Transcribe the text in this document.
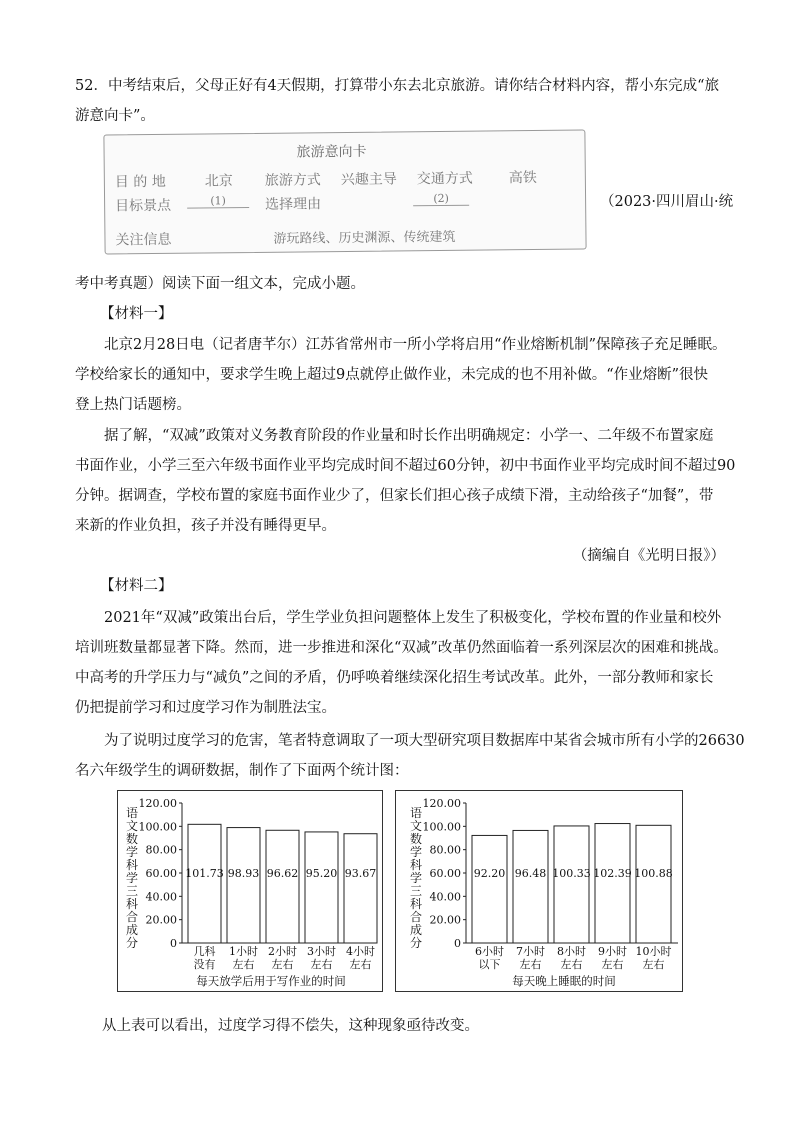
52．中考结束后，父母正好有4天假期，打算带小东去北京旅游。请你结合材料内容，帮小东完成“旅
游意向卡”。
旅游意向卡
目 的 地	北京 旅游方式 兴趣主导 交通方式	高铁
目标景点	(1)	选择理由	(2)
关注信息	游玩路线、历史渊源、传统建筑
（2023·四川眉山·统
考中考真题）阅读下面一组文本，完成小题。
【材料一】
北京2月28日电（记者唐芊尔）江苏省常州市一所小学将启用“作业熔断机制”保障孩子充足睡眠。
学校给家长的通知中，要求学生晚上超过9点就停止做作业，未完成的也不用补做。“作业熔断”很快
登上热门话题榜。
据了解，“双减”政策对义务教育阶段的作业量和时长作出明确规定：小学一、二年级不布置家庭
书面作业，小学三至六年级书面作业平均完成时间不超过60分钟，初中书面作业平均完成时间不超过90
分钟。据调查，学校布置的家庭书面作业少了，但家长们担心孩子成绩下滑，主动给孩子“加餐”，带
来新的作业负担，孩子并没有睡得更早。
（摘编自《光明日报》）
【材料二】
2021年“双减”政策出台后，学生学业负担问题整体上发生了积极变化，学校布置的作业量和校外
培训班数量都显著下降。然而，进一步推进和深化“双减”改革仍然面临着一系列深层次的困难和挑战。
中高考的升学压力与“减负”之间的矛盾，仍呼唤着继续深化招生考试改革。此外，一部分教师和家长
仍把提前学习和过度学习作为制胜法宝。
为了说明过度学习的危害，笔者特意调取了一项大型研究项目数据库中某省会城市所有小学的26630
名六年级学生的调研数据，制作了下面两个统计图：
0
20.00
40.00
60.00
80.00
100.00
120.00
语
文
数
学
科
学
三
科
合
成
分
101.73
几科
没有
98.93
1小时
左右
96.62
2小时
左右
95.20
3小时
左右
93.67
4小时
左右
每天放学后用于写作业的时间
0
20.00
40.00
60.00
80.00
100.00
120.00
语
文
数
学
科
学
三
科
合
成
分
92.20
6小时
以下
96.48
7小时
左右
100.33
8小时
左右
102.39
9小时
左右
100.88
10小时
左右
每天晚上睡眠的时间
从上表可以看出，过度学习得不偿失，这种现象亟待改变。
